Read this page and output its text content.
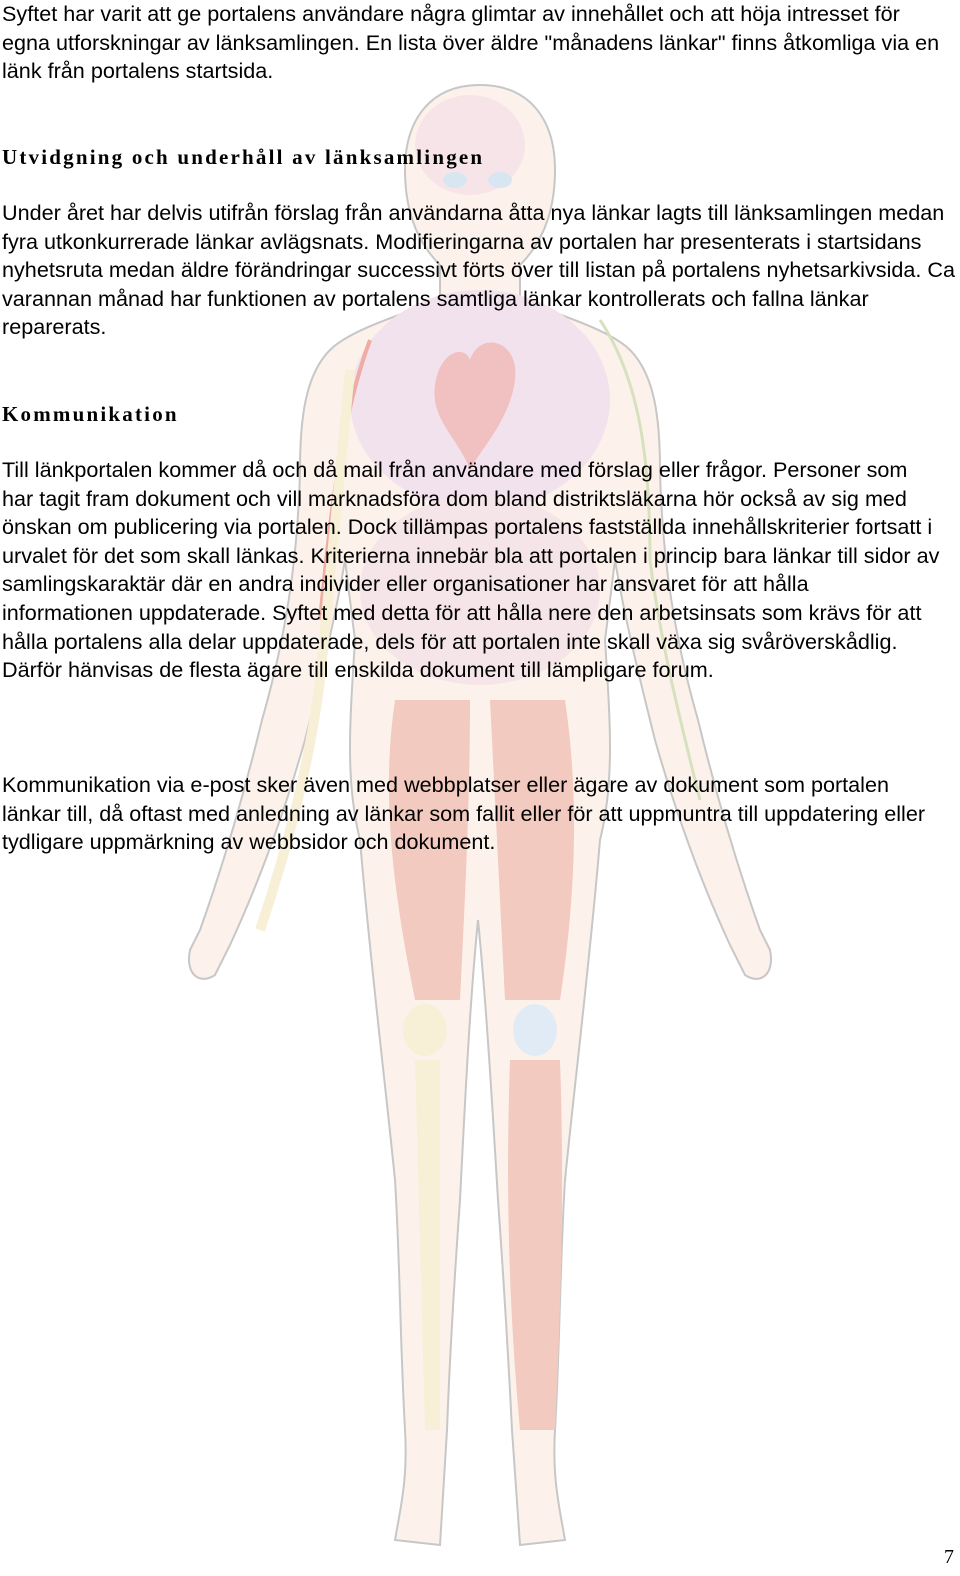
Syftet har varit att ge portalens användare några glimtar av innehållet och att höja intresset för egna utforskningar av länksamlingen. En lista över äldre "månadens länkar" finns åtkomliga via en länk från portalens startsida.

Utvidgning och underhåll av länksamlingen

Under året har delvis utifrån förslag från användarna åtta nya länkar lagts till länksamlingen medan fyra utkonkurrerade länkar avlägsnats. Modifieringarna av portalen har presenterats i startsidans nyhetsruta medan äldre förändringar successivt förts över till listan på portalens nyhetsarkivsida. Ca varannan månad har funktionen av portalens samtliga länkar kontrollerats och fallna länkar reparerats.

Kommunikation

Till länkportalen kommer då och då mail från användare med förslag eller frågor. Personer som har tagit fram dokument och vill marknadsföra dom bland distriktsläkarna hör också av sig med önskan om publicering via portalen. Dock tillämpas portalens fastställda innehållskriterier fortsatt i urvalet för det som skall länkas. Kriterierna innebär bla att portalen i princip bara länkar till sidor av samlingskaraktär där en andra individer eller organisationer har ansvaret för att hålla informationen uppdaterade. Syftet med detta för att hålla nere den arbetsinsats som krävs för att hålla portalens alla delar uppdaterade, dels för att portalen inte skall växa sig svåröverskådlig. Därför hänvisas de flesta ägare till enskilda dokument till lämpligare forum.

Kommunikation via e-post sker även med webbplatser eller ägare av dokument som portalen länkar till, då oftast med anledning av länkar som fallit eller för att uppmuntra till uppdatering eller tydligare uppmärkning av webbsidor och dokument.

7
